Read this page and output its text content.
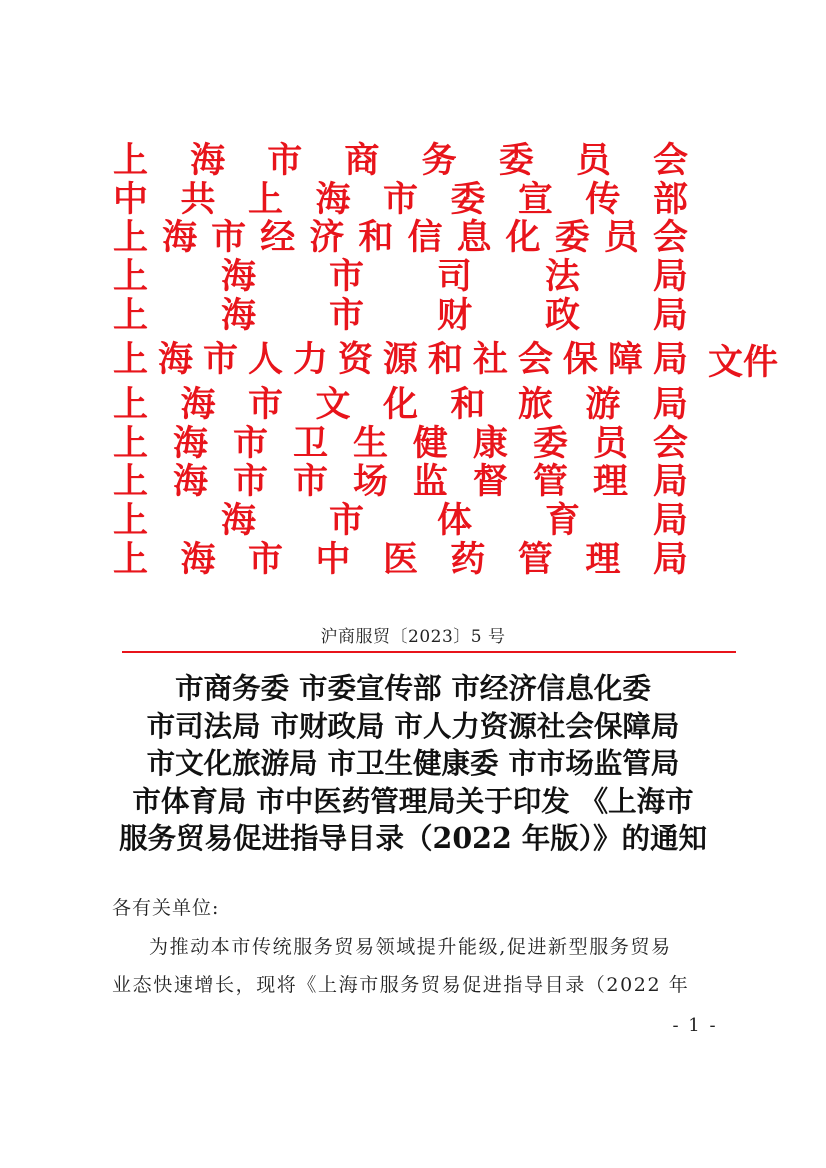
上 海 市 商 务 委 员 会
中 共 上 海 市 委 宣 传 部
上 海 市 经 济 和 信 息 化 委 员 会
上 海 市 司 法 局
上 海 市 财 政 局
上 海 市 人 力 资 源 和 社 会 保 障 局 文件
上 海 市 文 化 和 旅 游 局
上 海 市 卫 生 健 康 委 员 会
上 海 市 市 场 监 督 管 理 局
上 海 市 体 育 局
上 海 市 中 医 药 管 理 局
沪商服贸〔2023〕5 号
市商务委 市委宣传部 市经济信息化委
市司法局 市财政局 市人力资源社会保障局
市文化旅游局 市卫生健康委 市市场监管局
市体育局 市中医药管理局关于印发 《上海市
服务贸易促进指导目录（2022 年版）》的通知
各有关单位:
为推动本市传统服务贸易领域提升能级,促进新型服务贸易
业态快速增长，现将《上海市服务贸易促进指导目录（2022 年
- 1 -
